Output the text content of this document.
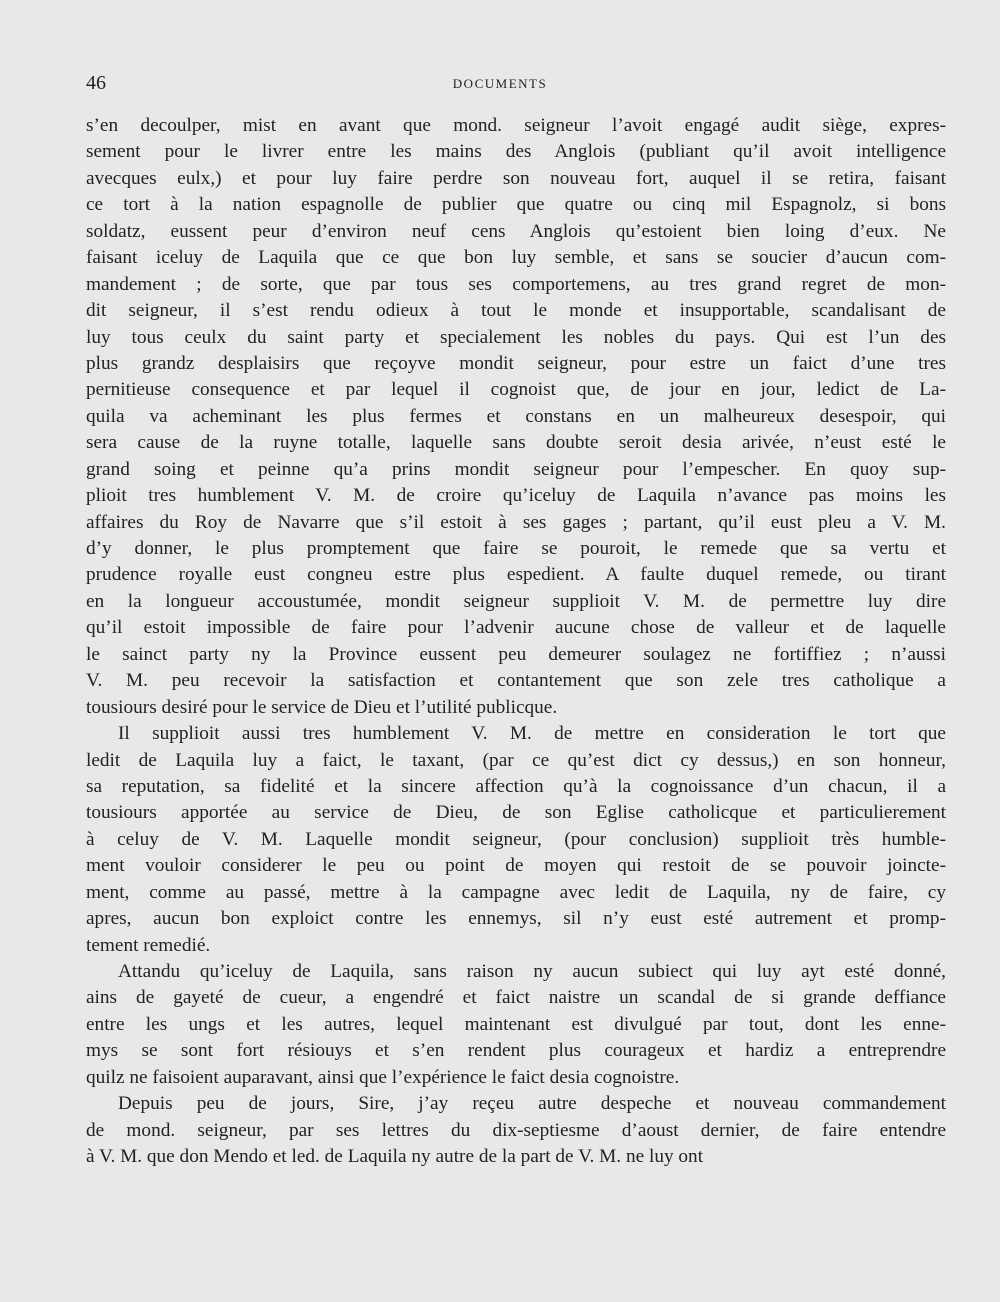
46	DOCUMENTS
s’en decoulper, mist en avant que mond. seigneur l’avoit engagé audit siège, expres-
sement pour le livrer entre les mains des Anglois (publiant qu’il avoit intelligence
avecques eulx,) et pour luy faire perdre son nouveau fort, auquel il se retira, faisant
ce tort à la nation espagnolle de publier que quatre ou cinq mil Espagnolz, si bons
soldatz, eussent peur d’environ neuf cens Anglois qu’estoient bien loing d’eux. Ne
faisant iceluy de Laquila que ce que bon luy semble, et sans se soucier d’aucun com-
mandement ; de sorte, que par tous ses comportemens, au tres grand regret de mon-
dit seigneur, il s’est rendu odieux à tout le monde et insupportable, scandalisant de
luy tous ceulx du saint party et specialement les nobles du pays. Qui est l’un des
plus grandz desplaisirs que reçoyve mondit seigneur, pour estre un faict d’une tres
pernitieuse consequence et par lequel il cognoist que, de jour en jour, ledict de La-
quila va acheminant les plus fermes et constans en un malheureux desespoir, qui
sera cause de la ruyne totalle, laquelle sans doubte seroit desia arivée, n’eust esté le
grand soing et peinne qu’a prins mondit seigneur pour l’empescher. En quoy sup-
plioit tres humblement V. M. de croire qu’iceluy de Laquila n’avance pas moins les
affaires du Roy de Navarre que s’il estoit à ses gages ; partant, qu’il eust pleu a V. M.
d’y donner, le plus promptement que faire se pouroit, le remede que sa vertu et
prudence royalle eust congneu estre plus espedient. A faulte duquel remede, ou tirant
en la longueur accoustumée, mondit seigneur supplioit V. M. de permettre luy dire
qu’il estoit impossible de faire pour l’advenir aucune chose de valleur et de laquelle
le sainct party ny la Province eussent peu demeurer soulagez ne fortiffiez ; n’aussi
V. M. peu recevoir la satisfaction et contantement que son zele tres catholique a
tousiours desiré pour le service de Dieu et l’utilité publicque.
Il supplioit aussi tres humblement V. M. de mettre en consideration le tort que
ledit de Laquila luy a faict, le taxant, (par ce qu’est dict cy dessus,) en son honneur,
sa reputation, sa fidelité et la sincere affection qu’à la cognoissance d’un chacun, il a
tousiours apportée au service de Dieu, de son Eglise catholicque et particulierement
à celuy de V. M. Laquelle mondit seigneur, (pour conclusion) supplioit très humble-
ment vouloir considerer le peu ou point de moyen qui restoit de se pouvoir joincte-
ment, comme au passé, mettre à la campagne avec ledit de Laquila, ny de faire, cy
apres, aucun bon exploict contre les ennemys, sil n’y eust esté autrement et promp-
tement remedié.
Attandu qu’iceluy de Laquila, sans raison ny aucun subiect qui luy ayt esté donné,
ains de gayeté de cueur, a engendré et faict naistre un scandal de si grande deffiance
entre les ungs et les autres, lequel maintenant est divulgué par tout, dont les enne-
mys se sont fort résiouys et s’en rendent plus courageux et hardiz a entreprendre
quilz ne faisoient auparavant, ainsi que l’expérience le faict desia cognoistre.
Depuis peu de jours, Sire, j’ay reçeu autre despeche et nouveau commandement
de mond. seigneur, par ses lettres du dix-septiesme d’aoust dernier, de faire entendre
à V. M. que don Mendo et led. de Laquila ny autre de la part de V. M. ne luy ont
